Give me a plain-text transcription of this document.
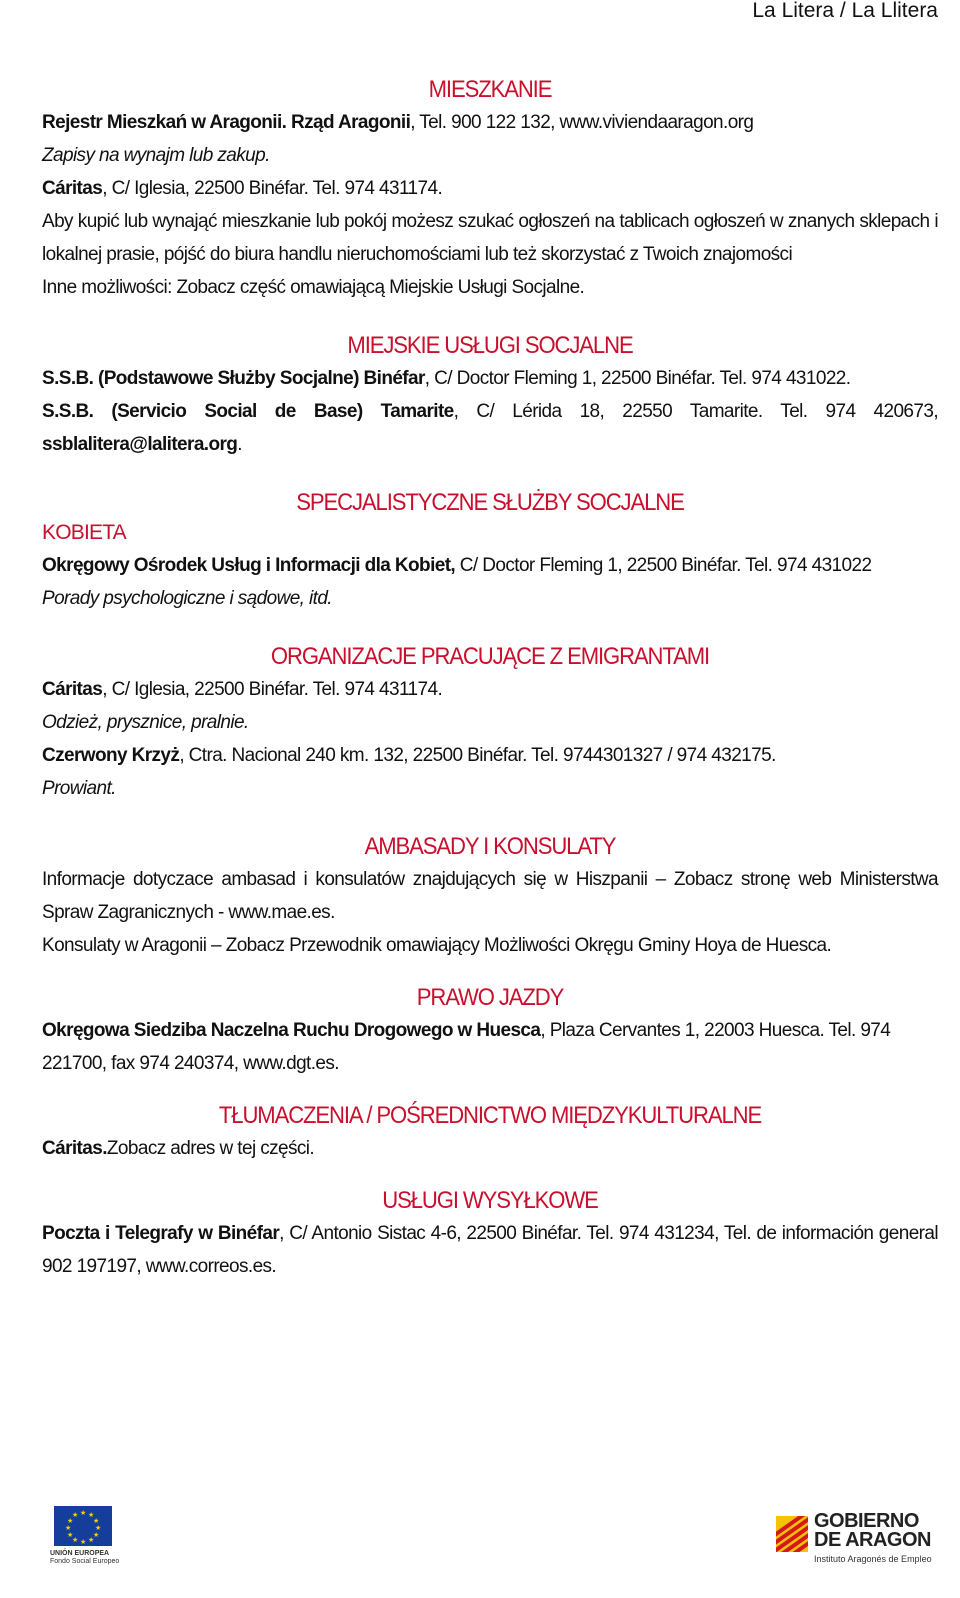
La Litera / La Llitera
MIESZKANIE

Rejestr Mieszkań w Aragonii. Rząd Aragonii, Tel. 900 122 132, www.viviendaaragon.org

Zapisy na wynajm lub zakup.

Cáritas, C/ Iglesia, 22500 Binéfar. Tel. 974 431174.

Aby kupić lub wynająć mieszkanie lub pokój możesz szukać ogłoszeń na tablicach ogłoszeń w znanych sklepach i lokalnej prasie, pójść do biura handlu nieruchomościami lub też skorzystać z Twoich znajomości

Inne możliwości: Zobacz część omawiającą Miejskie Usługi Socjalne.

MIEJSKIE USŁUGI SOCJALNE

S.S.B. (Podstawowe Służby Socjalne) Binéfar, C/ Doctor Fleming 1, 22500 Binéfar. Tel. 974 431022.

S.S.B. (Servicio Social de Base) Tamarite, C/ Lérida 18, 22550 Tamarite. Tel. 974 420673, ssblalitera@lalitera.org.

SPECJALISTYCZNE SŁUŻBY SOCJALNE
KOBIETA

Okręgowy Ośrodek Usług i Informacji dla Kobiet, C/ Doctor Fleming 1, 22500 Binéfar. Tel. 974 431022

Porady psychologiczne i sądowe, itd.

ORGANIZACJE PRACUJĄCE Z EMIGRANTAMI

Cáritas, C/ Iglesia, 22500 Binéfar. Tel. 974 431174.

Odzież, prysznice, pralnie.

Czerwony Krzyż, Ctra. Nacional 240 km. 132, 22500 Binéfar. Tel. 9744301327 / 974 432175.

Prowiant.

AMBASADY I KONSULATY

Informacje dotyczace ambasad i konsulatów znajdujących się w Hiszpanii – Zobacz stronę web Ministerstwa Spraw Zagranicznych - www.mae.es.

Konsulaty w Aragonii – Zobacz Przewodnik omawiający Możliwości Okręgu Gminy Hoya de Huesca.

PRAWO JAZDY

Okręgowa Siedziba Naczelna Ruchu Drogowego w Huesca, Plaza Cervantes 1, 22003 Huesca. Tel. 974 221700, fax 974 240374, www.dgt.es.

TŁUMACZENIA / POŚREDNICTWO MIĘDZYKULTURALNE

Cáritas.Zobacz adres w tej części.

USŁUGI WYSYŁKOWE

Poczta i Telegrafy w Binéfar, C/ Antonio Sistac 4-6, 22500 Binéfar. Tel. 974 431234, Tel. de información general 902 197197, www.correos.es.

★ ★
★
★
★
★
★
★
★
★
★
★
UNIÓN EUROPEA
Fondo Social Europeo
GOBIERNO
DE ARAGON
Instituto Aragonés de Empleo
